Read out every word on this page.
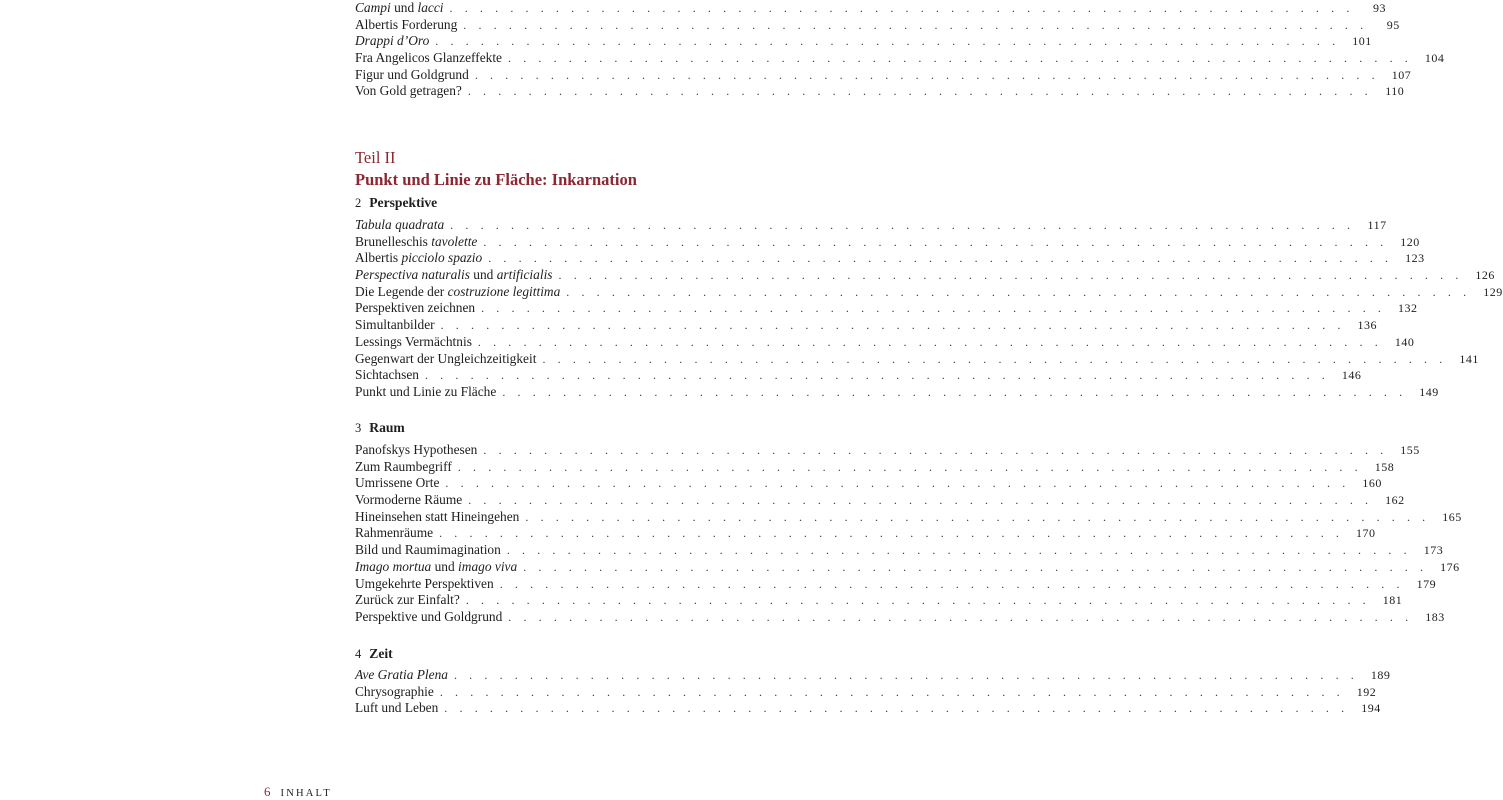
Campi und lacci . . . . . . . . . . . . . . . . . . . . . . . . . . . . . . . . . . . . . . . . . . . . . . . . . . . . . . . . . . . .	93
Albertis Forderung . . . . . . . . . . . . . . . . . . . . . . . . . . . . . . . . . . . . . . . . . . . . . . . . . . . . . . . . . . . .	95
Drappi d’Oro . . . . . . . . . . . . . . . . . . . . . . . . . . . . . . . . . . . . . . . . . . . . . . . . . . . . . . . . . . . .	101
Fra Angelicos Glanzeffekte . . . . . . . . . . . . . . . . . . . . . . . . . . . . . . . . . . . . . . . . . . . . . . . . . . . . . . . . . . . .	104
Figur und Goldgrund . . . . . . . . . . . . . . . . . . . . . . . . . . . . . . . . . . . . . . . . . . . . . . . . . . . . . . . . . . . .	107
Von Gold getragen? . . . . . . . . . . . . . . . . . . . . . . . . . . . . . . . . . . . . . . . . . . . . . . . . . . . . . . . . . . . .	110
Teil II
Punkt und Linie zu Fläche: Inkarnation
2 Perspektive
Tabula quadrata . . . . . . . . . . . . . . . . . . . . . . . . . . . . . . . . . . . . . . . . . . . . . . . . . . . . . . . . . . . .	117
Brunelleschis tavolette . . . . . . . . . . . . . . . . . . . . . . . . . . . . . . . . . . . . . . . . . . . . . . . . . . . . . . . . . . . .	120
Albertis picciolo spazio . . . . . . . . . . . . . . . . . . . . . . . . . . . . . . . . . . . . . . . . . . . . . . . . . . . . . . . . . . . .	123
Perspectiva naturalis und artificialis . . . . . . . . . . . . . . . . . . . . . . . . . . . . . . . . . . . . . . . . . . . . . . . . . . . . . . . . . . . .	126
Die Legende der costruzione legittima . . . . . . . . . . . . . . . . . . . . . . . . . . . . . . . . . . . . . . . . . . . . . . . . . . . . . . . . . . . .	129
Perspektiven zeichnen . . . . . . . . . . . . . . . . . . . . . . . . . . . . . . . . . . . . . . . . . . . . . . . . . . . . . . . . . . . .	132
Simultanbilder . . . . . . . . . . . . . . . . . . . . . . . . . . . . . . . . . . . . . . . . . . . . . . . . . . . . . . . . . . . .	136
Lessings Vermächtnis . . . . . . . . . . . . . . . . . . . . . . . . . . . . . . . . . . . . . . . . . . . . . . . . . . . . . . . . . . . .	140
Gegenwart der Ungleichzeitigkeit . . . . . . . . . . . . . . . . . . . . . . . . . . . . . . . . . . . . . . . . . . . . . . . . . . . . . . . . . . . .	141
Sichtachsen . . . . . . . . . . . . . . . . . . . . . . . . . . . . . . . . . . . . . . . . . . . . . . . . . . . . . . . . . . . .	146
Punkt und Linie zu Fläche . . . . . . . . . . . . . . . . . . . . . . . . . . . . . . . . . . . . . . . . . . . . . . . . . . . . . . . . . . . .	149
3 Raum
Panofskys Hypothesen . . . . . . . . . . . . . . . . . . . . . . . . . . . . . . . . . . . . . . . . . . . . . . . . . . . . . . . . . . . .	155
Zum Raumbegriff . . . . . . . . . . . . . . . . . . . . . . . . . . . . . . . . . . . . . . . . . . . . . . . . . . . . . . . . . . . .	158
Umrissene Orte . . . . . . . . . . . . . . . . . . . . . . . . . . . . . . . . . . . . . . . . . . . . . . . . . . . . . . . . . . . .	160
Vormoderne Räume . . . . . . . . . . . . . . . . . . . . . . . . . . . . . . . . . . . . . . . . . . . . . . . . . . . . . . . . . . . .	162
Hineinsehen statt Hineingehen . . . . . . . . . . . . . . . . . . . . . . . . . . . . . . . . . . . . . . . . . . . . . . . . . . . . . . . . . . . .	165
Rahmenräume . . . . . . . . . . . . . . . . . . . . . . . . . . . . . . . . . . . . . . . . . . . . . . . . . . . . . . . . . . . .	170
Bild und Raumimagination . . . . . . . . . . . . . . . . . . . . . . . . . . . . . . . . . . . . . . . . . . . . . . . . . . . . . . . . . . . .	173
Imago mortua und imago viva . . . . . . . . . . . . . . . . . . . . . . . . . . . . . . . . . . . . . . . . . . . . . . . . . . . . . . . . . . . .	176
Umgekehrte Perspektiven . . . . . . . . . . . . . . . . . . . . . . . . . . . . . . . . . . . . . . . . . . . . . . . . . . . . . . . . . . . .	179
Zurück zur Einfalt? . . . . . . . . . . . . . . . . . . . . . . . . . . . . . . . . . . . . . . . . . . . . . . . . . . . . . . . . . . . .	181
Perspektive und Goldgrund . . . . . . . . . . . . . . . . . . . . . . . . . . . . . . . . . . . . . . . . . . . . . . . . . . . . . . . . . . . .	183
4 Zeit
Ave Gratia Plena . . . . . . . . . . . . . . . . . . . . . . . . . . . . . . . . . . . . . . . . . . . . . . . . . . . . . . . . . . . .	189
Chrysographie . . . . . . . . . . . . . . . . . . . . . . . . . . . . . . . . . . . . . . . . . . . . . . . . . . . . . . . . . . . .	192
Luft und Leben . . . . . . . . . . . . . . . . . . . . . . . . . . . . . . . . . . . . . . . . . . . . . . . . . . . . . . . . . . . .	194
6 INHALT
